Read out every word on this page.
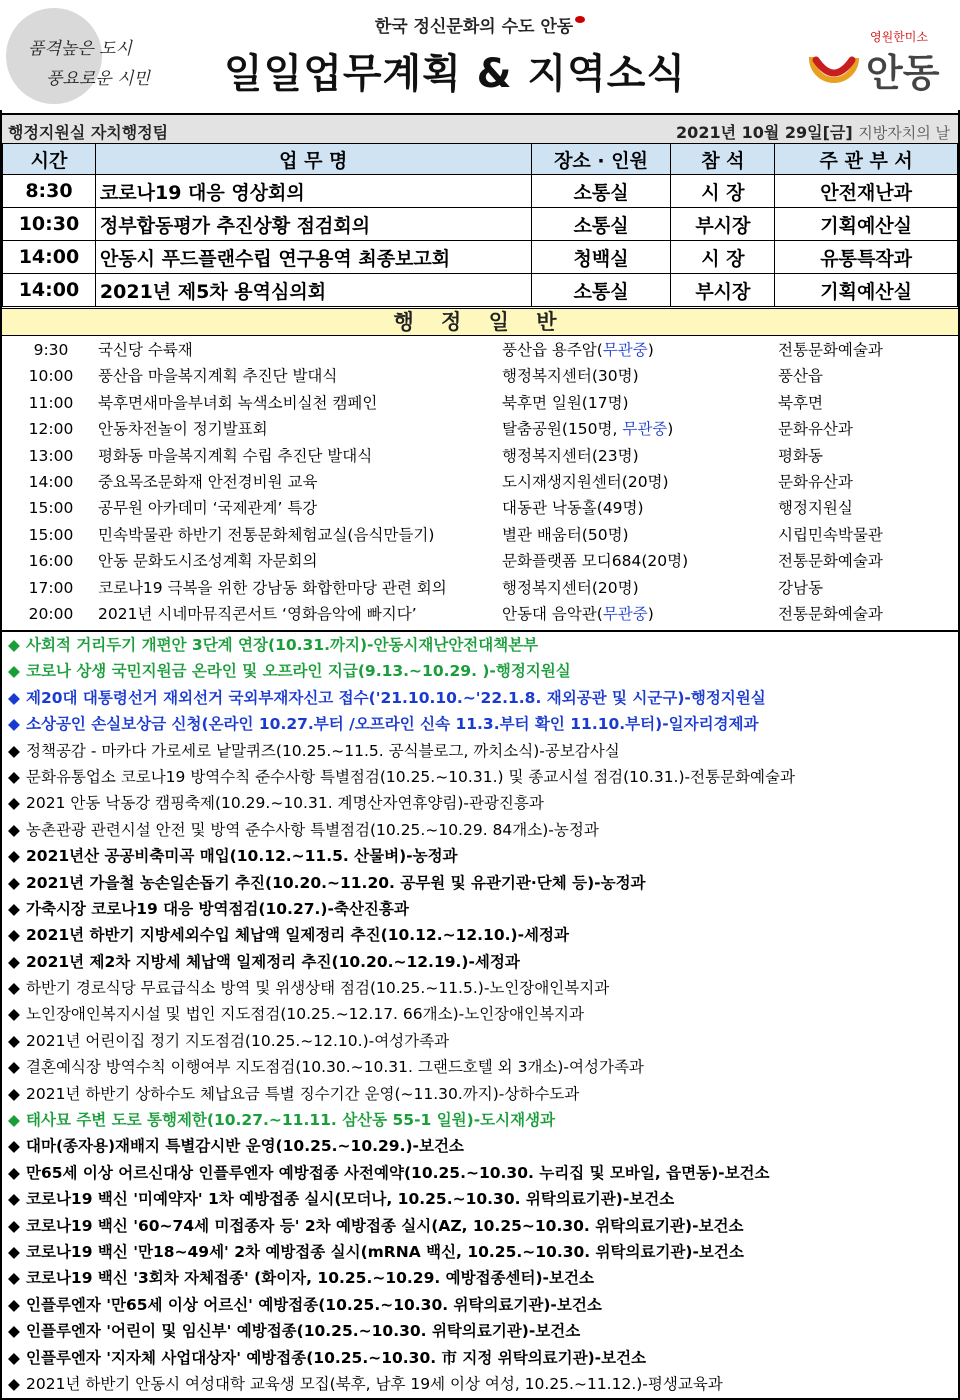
품격높은 도시
풍요로운 시민
한국 정신문화의 수도 안동
일일업무계획 & 지역소식
영원한미소
안동
행정지원실 자치행정팀	2021년 10월 29일[금] 지방자치의 날
시간	업 무 명	장소 · 인원	참 석	주 관 부 서
8:30	코로나19 대응 영상회의	소통실	시 장	안전재난과
10:30	정부합동평가 추진상황 점검회의	소통실	부시장	기획예산실
14:00	안동시 푸드플랜수립 연구용역 최종보고회	청백실	시 장	유통특작과
14:00	2021년 제5차 용역심의회	소통실	부시장	기획예산실
행 정 일 반
9:30	국신당 수륙재	풍산읍 용주암(무관중)	전통문화예술과
10:00	풍산읍 마을복지계획 추진단 발대식	행정복지센터(30명)	풍산읍
11:00	북후면새마을부녀회 녹색소비실천 캠페인	북후면 일원(17명)	북후면
12:00	안동차전놀이 정기발표회	탈춤공원(150명, 무관중)	문화유산과
13:00	평화동 마을복지계획 수립 추진단 발대식	행정복지센터(23명)	평화동
14:00	중요목조문화재 안전경비원 교육	도시재생지원센터(20명)	문화유산과
15:00	공무원 아카데미 ‘국제관계’ 특강	대동관 낙동홀(49명)	행정지원실
15:00	민속박물관 하반기 전통문화체험교실(음식만들기)	별관 배움터(50명)	시립민속박물관
16:00	안동 문화도시조성계획 자문회의	문화플랫폼 모디684(20명)	전통문화예술과
17:00	코로나19 극복을 위한 강남동 화합한마당 관련 회의	행정복지센터(20명)	강남동
20:00	2021년 시네마뮤직콘서트 ‘영화음악에 빠지다’	안동대 음악관(무관중)	전통문화예술과
◆ 사회적 거리두기 개편안 3단계 연장(10.31.까지)-안동시재난안전대책본부
◆ 코로나 상생 국민지원금 온라인 및 오프라인 지급(9.13.~10.29. )-행정지원실
◆ 제20대 대통령선거 재외선거 국외부재자신고 접수('21.10.10.~'22.1.8. 재외공관 및 시군구)-행정지원실
◆ 소상공인 손실보상금 신청(온라인 10.27.부터 /오프라인 신속 11.3.부터 확인 11.10.부터)-일자리경제과
◆ 정책공감 - 마카다 가로세로 낱말퀴즈(10.25.~11.5. 공식블로그, 까치소식)-공보감사실
◆ 문화유통업소 코로나19 방역수칙 준수사항 특별점검(10.25.~10.31.) 및 종교시설 점검(10.31.)-전통문화예술과
◆ 2021 안동 낙동강 캠핑축제(10.29.~10.31. 계명산자연휴양림)-관광진흥과
◆ 농촌관광 관련시설 안전 및 방역 준수사항 특별점검(10.25.~10.29. 84개소)-농정과
◆ 2021년산 공공비축미곡 매입(10.12.~11.5. 산물벼)-농정과
◆ 2021년 가을철 농손일손돕기 추진(10.20.~11.20. 공무원 및 유관기관·단체 등)-농정과
◆ 가축시장 코로나19 대응 방역점검(10.27.)-축산진흥과
◆ 2021년 하반기 지방세외수입 체납액 일제정리 추진(10.12.~12.10.)-세정과
◆ 2021년 제2차 지방세 체납액 일제정리 추진(10.20.~12.19.)-세정과
◆ 하반기 경로식당 무료급식소 방역 및 위생상태 점검(10.25.~11.5.)-노인장애인복지과
◆ 노인장애인복지시설 및 법인 지도점검(10.25.~12.17. 66개소)-노인장애인복지과
◆ 2021년 어린이집 정기 지도점검(10.25.~12.10.)-여성가족과
◆ 결혼예식장 방역수칙 이행여부 지도점검(10.30.~10.31. 그랜드호텔 외 3개소)-여성가족과
◆ 2021년 하반기 상하수도 체납요금 특별 징수기간 운영(~11.30.까지)-상하수도과
◆ 태사묘 주변 도로 통행제한(10.27.~11.11. 삼산동 55-1 일원)-도시재생과
◆ 대마(종자용)재배지 특별감시반 운영(10.25.~10.29.)-보건소
◆ 만65세 이상 어르신대상 인플루엔자 예방접종 사전예약(10.25.~10.30. 누리집 및 모바일, 읍면동)-보건소
◆ 코로나19 백신 '미예약자' 1차 예방접종 실시(모더나, 10.25.~10.30. 위탁의료기관)-보건소
◆ 코로나19 백신 '60~74세 미접종자 등' 2차 예방접종 실시(AZ, 10.25~10.30. 위탁의료기관)-보건소
◆ 코로나19 백신 '만18~49세' 2차 예방접종 실시(mRNA 백신, 10.25.~10.30. 위탁의료기관)-보건소
◆ 코로나19 백신 '3회차 자체접종' (화이자, 10.25.~10.29. 예방접종센터)-보건소
◆ 인플루엔자 '만65세 이상 어르신' 예방접종(10.25.~10.30. 위탁의료기관)-보건소
◆ 인플루엔자 '어린이 및 임신부' 예방접종(10.25.~10.30. 위탁의료기관)-보건소
◆ 인플루엔자 '지자체 사업대상자' 예방접종(10.25.~10.30. 市 지정 위탁의료기관)-보건소
◆ 2021년 하반기 안동시 여성대학 교육생 모집(북후, 남후 19세 이상 여성, 10.25.~11.12.)-평생교육과
